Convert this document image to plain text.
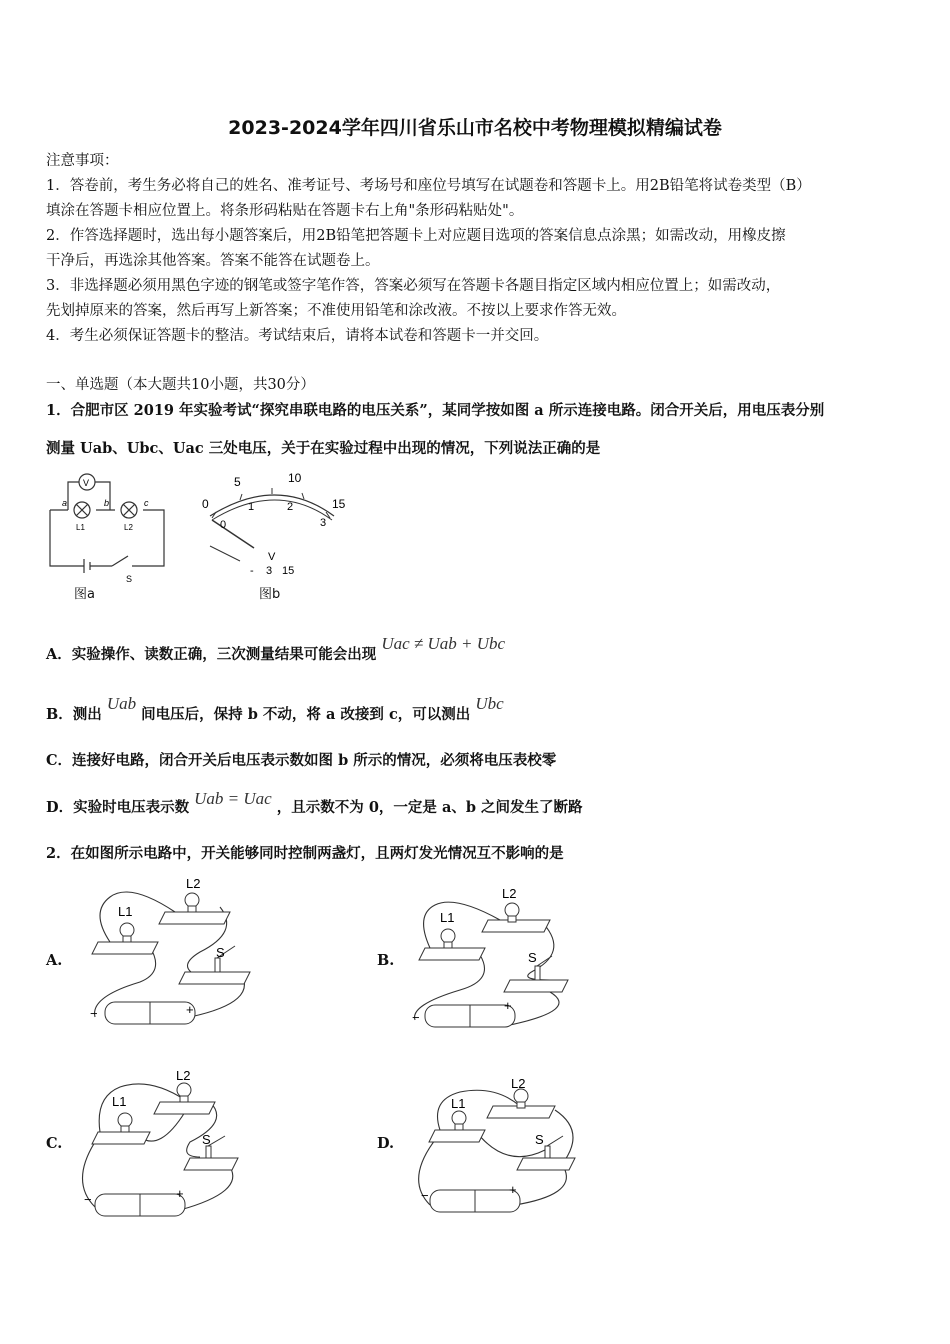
2023-2024学年四川省乐山市名校中考物理模拟精编试卷
注意事项：
1．答卷前，考生务必将自己的姓名、准考证号、考场号和座位号填写在试题卷和答题卡上。用2B铅笔将试卷类型（B）
填涂在答题卡相应位置上。将条形码粘贴在答题卡右上角"条形码粘贴处"。
2．作答选择题时，选出每小题答案后，用2B铅笔把答题卡上对应题目选项的答案信息点涂黑；如需改动，用橡皮擦
干净后，再选涂其他答案。答案不能答在试题卷上。
3．非选择题必须用黑色字迹的钢笔或签字笔作答，答案必须写在答题卡各题目指定区域内相应位置上；如需改动，
先划掉原来的答案，然后再写上新答案；不准使用铅笔和涂改液。不按以上要求作答无效。
4．考生必须保证答题卡的整洁。考试结束后，请将本试卷和答题卡一并交回。
一、单选题（本大题共10小题，共30分）
1．合肥市区 2019 年实验考试“探究串联电路的电压关系”，某同学按如图 a 所示连接电路。闭合开关后，用电压表分别
测量 Uab、Ubc、Uac 三处电压，关于在实验过程中出现的情况，下列说法正确的是
V
a	b	c
L1	L2
S
图a
0
5	10
15
0
1	2
3
V
- 3 15
图b
A．实验操作、读数正确，三次测量结果可能会出现 Uac ≠ Uab + Ubc
B．测出 Uab 间电压后，保持 b 不动，将 a 改接到 c，可以测出 Ubc
C．连接好电路，闭合开关后电压表示数如图 b 所示的情况，必须将电压表校零
D．实验时电压表示数 Uab = Uac ，且示数不为 0，一定是 a、b 之间发生了断路
2．在如图所示电路中，开关能够同时控制两盏灯，且两灯发光情况互不影响的是
A.	B.
C.	D.
L1
L2
S
−	+
L1
L2
S
−
+
L1
L2
S
−	+
L1
L2
S
−	+
